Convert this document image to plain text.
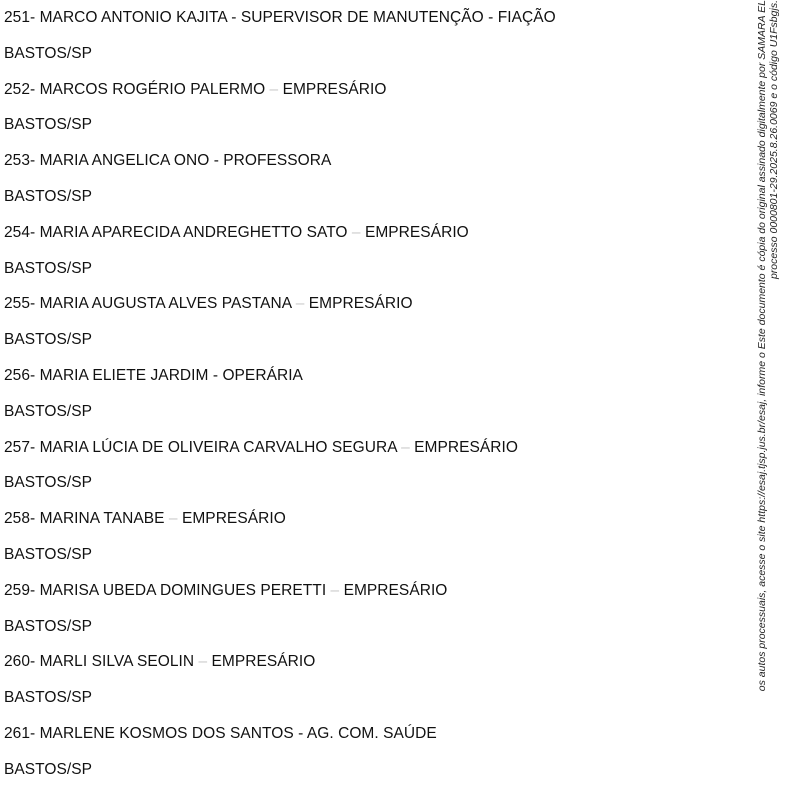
251- MARCO ANTONIO KAJITA - SUPERVISOR DE MANUTENÇÃO - FIAÇÃO
BASTOS/SP
252- MARCOS ROGÉRIO PALERMO – EMPRESÁRIO
BASTOS/SP
253- MARIA ANGELICA ONO - PROFESSORA
BASTOS/SP
254- MARIA APARECIDA ANDREGHETTO SATO – EMPRESÁRIO
BASTOS/SP
255- MARIA AUGUSTA ALVES PASTANA – EMPRESÁRIO
BASTOS/SP
256- MARIA ELIETE JARDIM - OPERÁRIA
BASTOS/SP
257- MARIA LÚCIA DE OLIVEIRA CARVALHO SEGURA – EMPRESÁRIO
BASTOS/SP
258- MARINA TANABE – EMPRESÁRIO
BASTOS/SP
259- MARISA UBEDA DOMINGUES PERETTI – EMPRESÁRIO
BASTOS/SP
260- MARLI SILVA SEOLIN – EMPRESÁRIO
BASTOS/SP
261- MARLENE KOSMOS DOS SANTOS - AG. COM. SAÚDE
BASTOS/SP
os autos processuais, acesse o site https://esaj.tjsp.jus.br/esaj, informe o Este documento é cópia do original assinado digitalmente por SAMARA EL processo 0000801-29.2025.8.26.0069 e o código U1Fsbgjs.
